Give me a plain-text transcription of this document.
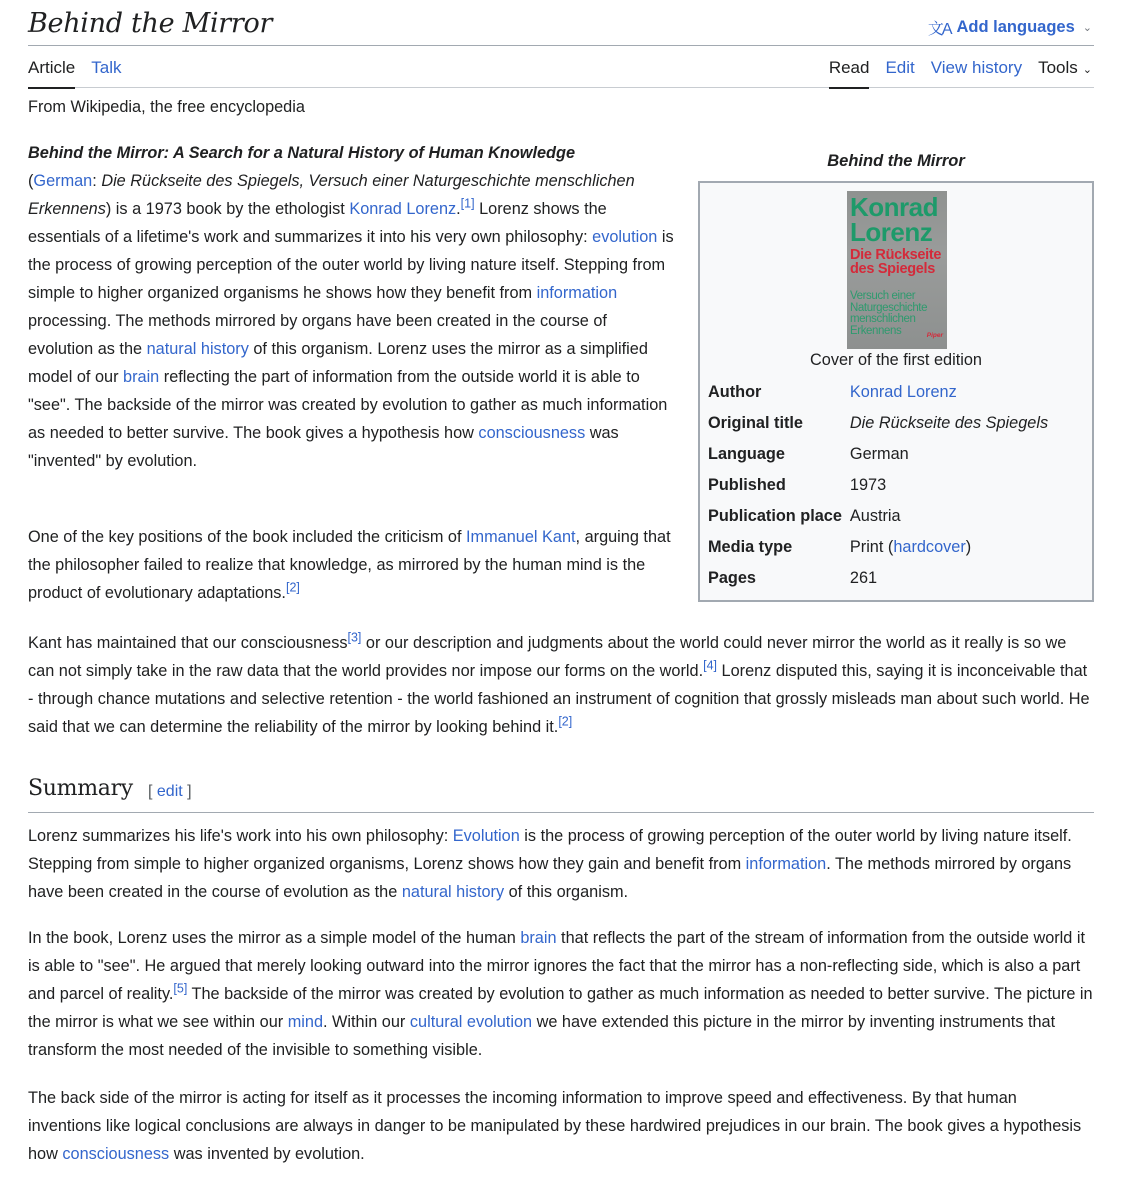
Behind the Mirror	文A Add languages ⌄
Article Talk	Read Edit View history Tools ⌄
From Wikipedia, the free encyclopedia
Behind the Mirror
Konrad
Lorenz
Die Rückseite
des Spiegels
Versuch einer
Naturgeschichte
menschlichen
Erkennens	Piper
Cover of the first edition
Author	Konrad Lorenz
Original title	Die Rückseite des Spiegels
Language	German
Published	1973
Publication place	Austria
Media type	Print (hardcover)
Pages	261

Behind the Mirror: A Search for a Natural History of Human Knowledge
(German: Die Rückseite des Spiegels, Versuch einer Naturgeschichte menschlichen Erkennens) is a 1973 book by the ethologist Konrad Lorenz.[1] Lorenz shows the essentials of a lifetime's work and summarizes it into his very own philosophy: evolution is the process of growing perception of the outer world by living nature itself. Stepping from simple to higher organized organisms he shows how they benefit from information processing. The methods mirrored by organs have been created in the course of evolution as the natural history of this organism. Lorenz uses the mirror as a simplified model of our brain reflecting the part of information from the outside world it is able to "see". The backside of the mirror was created by evolution to gather as much information as needed to better survive. The book gives a hypothesis how consciousness was "invented" by evolution.

One of the key positions of the book included the criticism of Immanuel Kant, arguing that the philosopher failed to realize that knowledge, as mirrored by the human mind is the product of evolutionary adaptations.[2]

Kant has maintained that our consciousness[3] or our description and judgments about the world could never mirror the world as it really is so we can not simply take in the raw data that the world provides nor impose our forms on the world.[4] Lorenz disputed this, saying it is inconceivable that - through chance mutations and selective retention - the world fashioned an instrument of cognition that grossly misleads man about such world. He said that we can determine the reliability of the mirror by looking behind it.[2]

Summary [ edit ]

Lorenz summarizes his life's work into his own philosophy: Evolution is the process of growing perception of the outer world by living nature itself. Stepping from simple to higher organized organisms, Lorenz shows how they gain and benefit from information. The methods mirrored by organs have been created in the course of evolution as the natural history of this organism.

In the book, Lorenz uses the mirror as a simple model of the human brain that reflects the part of the stream of information from the outside world it is able to "see". He argued that merely looking outward into the mirror ignores the fact that the mirror has a non-reflecting side, which is also a part and parcel of reality.[5] The backside of the mirror was created by evolution to gather as much information as needed to better survive. The picture in the mirror is what we see within our mind. Within our cultural evolution we have extended this picture in the mirror by inventing instruments that transform the most needed of the invisible to something visible.

The back side of the mirror is acting for itself as it processes the incoming information to improve speed and effectiveness. By that human inventions like logical conclusions are always in danger to be manipulated by these hardwired prejudices in our brain. The book gives a hypothesis how consciousness was invented by evolution.
